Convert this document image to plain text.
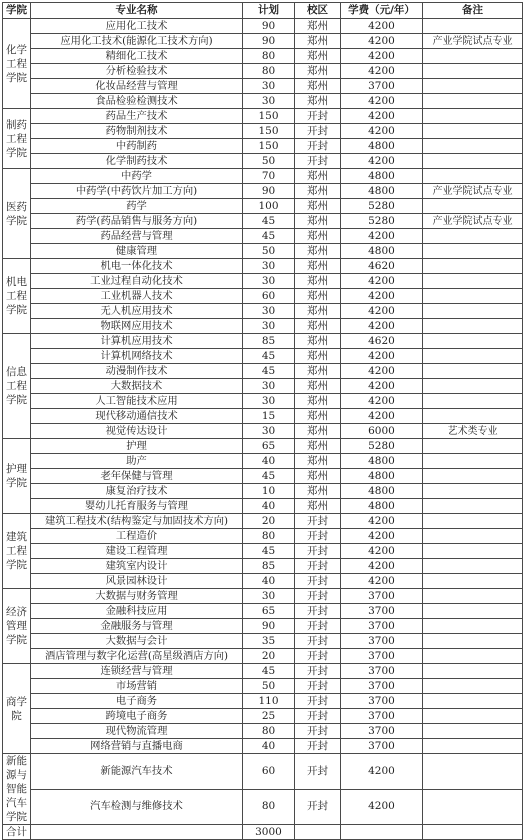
学院	专业名称	计划	校区	学费（元/年）	备注
化学工程学院	应用化工技术	90	郑州	4200	
	应用化工技术(能源化工技术方向)	90	郑州	4200	产业学院试点专业
	精细化工技术	80	郑州	4200	
	分析检验技术	80	郑州	4200	
	化妆品经营与管理	30	郑州	3700	
	食品检验检测技术	30	郑州	4200	
制药工程学院	药品生产技术	150	开封	4200	
	药物制剂技术	150	开封	4200	
	中药制药	150	开封	4800	
	化学制药技术	50	开封	4200	
医药学院	中药学	70	郑州	4800	
	中药学(中药饮片加工方向)	90	郑州	4800	产业学院试点专业
	药学	100	郑州	5280	
	药学(药品销售与服务方向)	45	郑州	5280	产业学院试点专业
	药品经营与管理	45	郑州	4200	
	健康管理	50	郑州	4800	
机电工程学院	机电一体化技术	30	郑州	4620	
	工业过程自动化技术	30	郑州	4200	
	工业机器人技术	60	郑州	4200	
	无人机应用技术	30	郑州	4200	
	物联网应用技术	30	郑州	4200	
信息工程学院	计算机应用技术	85	郑州	4620	
	计算机网络技术	45	郑州	4200	
	动漫制作技术	45	郑州	4200	
	大数据技术	30	郑州	4200	
	人工智能技术应用	30	郑州	4200	
	现代移动通信技术	15	郑州	4200	
	视觉传达设计	30	郑州	6000	艺术类专业
护理学院	护理	65	郑州	5280	
	助产	40	郑州	4800	
	老年保健与管理	45	郑州	4800	
	康复治疗技术	10	郑州	4800	
	婴幼儿托育服务与管理	40	郑州	4800	
建筑工程学院	建筑工程技术(结构鉴定与加固技术方向)	20	开封	4200	
	工程造价	80	开封	4200	
	建设工程管理	45	开封	4200	
	建筑室内设计	85	开封	4200	
	风景园林设计	40	开封	4200	
经济管理学院	大数据与财务管理	30	开封	3700	
	金融科技应用	65	开封	3700	
	金融服务与管理	90	开封	3700	
	大数据与会计	35	开封	3700	
	酒店管理与数字化运营(高星级酒店方向)	20	开封	3700	
商学院	连锁经营与管理	45	开封	3700	
	市场营销	50	开封	3700	
	电子商务	110	开封	3700	
	跨境电子商务	25	开封	3700	
	现代物流管理	80	开封	3700	
	网络营销与直播电商	40	开封	3700	
新能源与智能汽车学院	新能源汽车技术	60	开封	4200	
	汽车检测与维修技术	80	开封	4200	
合计		3000			
